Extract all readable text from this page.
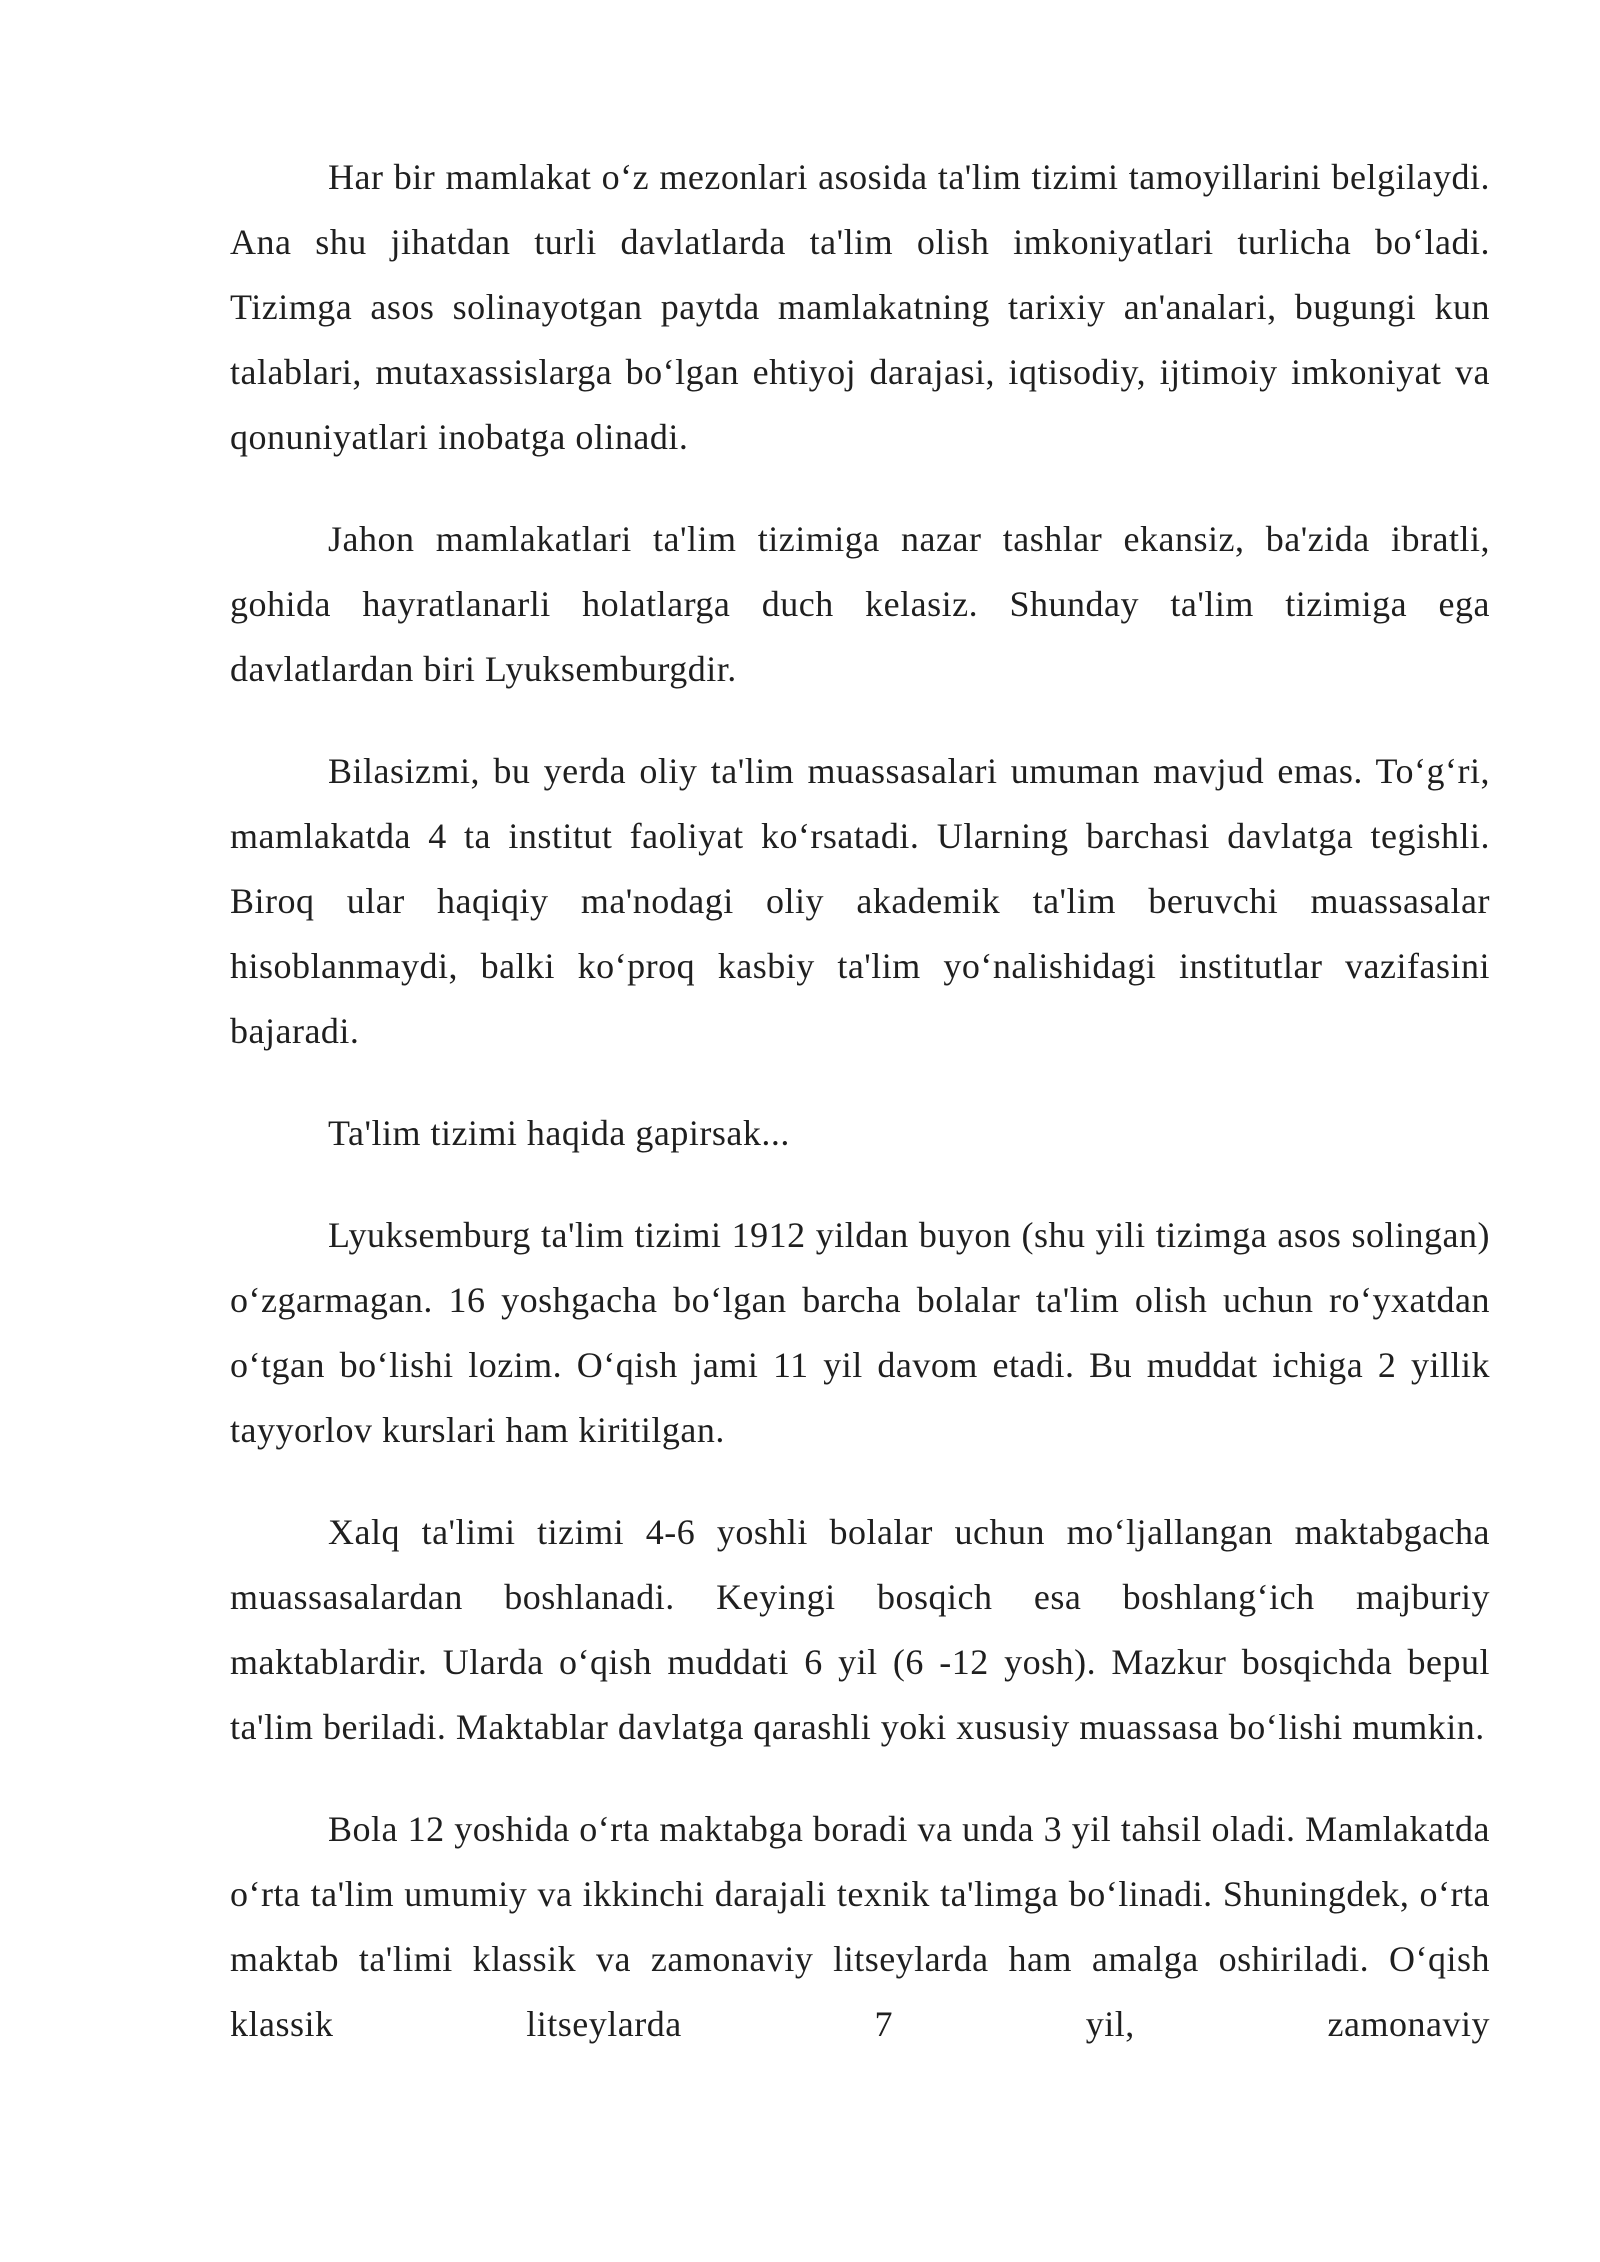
Har bir mamlakat o‘z mezonlari asosida ta'lim tizimi tamoyillarini belgilaydi. Ana shu jihatdan turli davlatlarda ta'lim olish imkoniyatlari turlicha bo‘ladi. Tizimga asos solinayotgan paytda mamlakatning tarixiy an'analari, bugungi kun talablari, mutaxassislarga bo‘lgan ehtiyoj darajasi, iqtisodiy, ijtimoiy imkoniyat va qonuniyatlari inobatga olinadi.

Jahon mamlakatlari ta'lim tizimiga nazar tashlar ekansiz, ba'zida ibratli, gohida hayratlanarli holatlarga duch kelasiz. Shunday ta'lim tizimiga ega davlatlardan biri Lyuksemburgdir.

Bilasizmi, bu yerda oliy ta'lim muassasalari umuman mavjud emas. To‘g‘ri, mamlakatda 4 ta institut faoliyat ko‘rsatadi. Ularning barchasi davlatga tegishli. Biroq ular haqiqiy ma'nodagi oliy akademik ta'lim beruvchi muassasalar hisoblanmaydi, balki ko‘proq kasbiy ta'lim yo‘nalishidagi institutlar vazifasini bajaradi.

Ta'lim tizimi haqida gapirsak...

Lyuksemburg ta'lim tizimi 1912 yildan buyon (shu yili tizimga asos solingan) o‘zgarmagan. 16 yoshgacha bo‘lgan barcha bolalar ta'lim olish uchun ro‘yxatdan o‘tgan bo‘lishi lozim. O‘qish jami 11 yil davom etadi. Bu muddat ichiga 2 yillik tayyorlov kurslari ham kiritilgan.

Xalq ta'limi tizimi 4-6 yoshli bolalar uchun mo‘ljallangan maktabgacha muassasalardan boshlanadi. Keyingi bosqich esa boshlang‘ich majburiy maktablardir. Ularda o‘qish muddati 6 yil (6 -12 yosh). Mazkur bosqichda bepul ta'lim beriladi. Maktablar davlatga qarashli yoki xususiy muassasa bo‘lishi mumkin.

Bola 12 yoshida o‘rta maktabga boradi va unda 3 yil tahsil oladi. Mamlakatda o‘rta ta'lim umumiy va ikkinchi darajali texnik ta'limga bo‘linadi. Shuningdek, o‘rta maktab ta'limi klassik va zamonaviy litseylarda ham amalga oshiriladi. O‘qish klassik litseylarda 7 yil, zamonaviy
